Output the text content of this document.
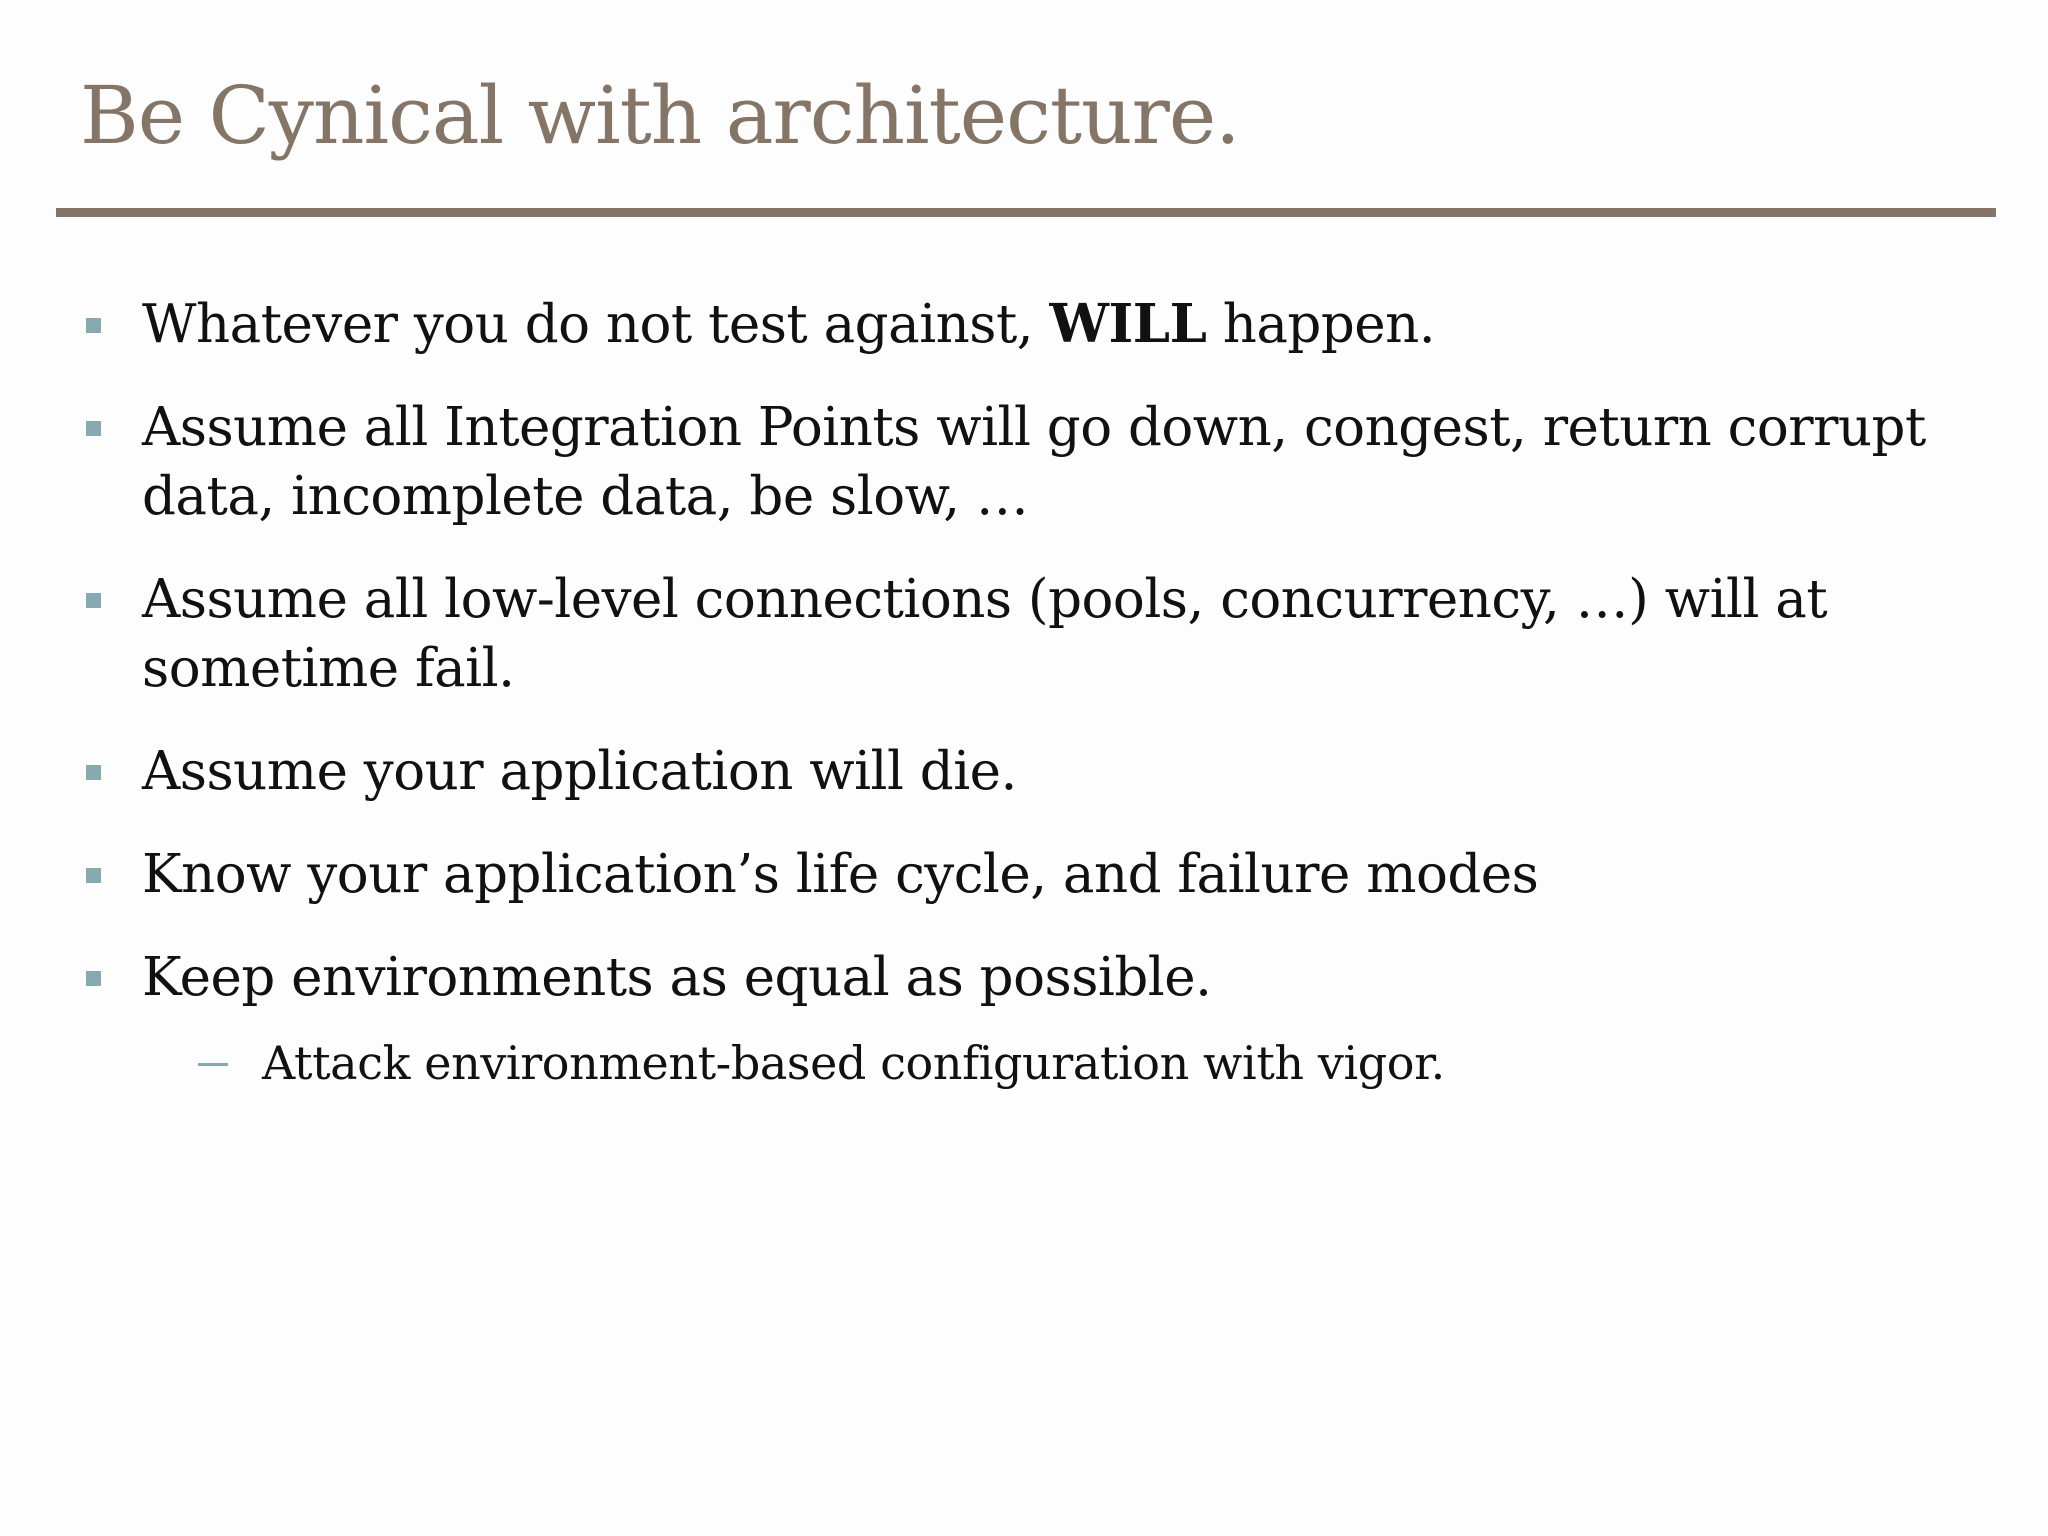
Be Cynical with architecture.
Whatever you do not test against, WILL happen.
Assume all Integration Points will go down, congest, return corrupt data, incomplete data, be slow, …
Assume all low-level connections (pools, concurrency, …) will at sometime fail.
Assume your application will die.
Know your application’s life cycle, and failure modes
Keep environments as equal as possible.
Attack environment-based configuration with vigor.
